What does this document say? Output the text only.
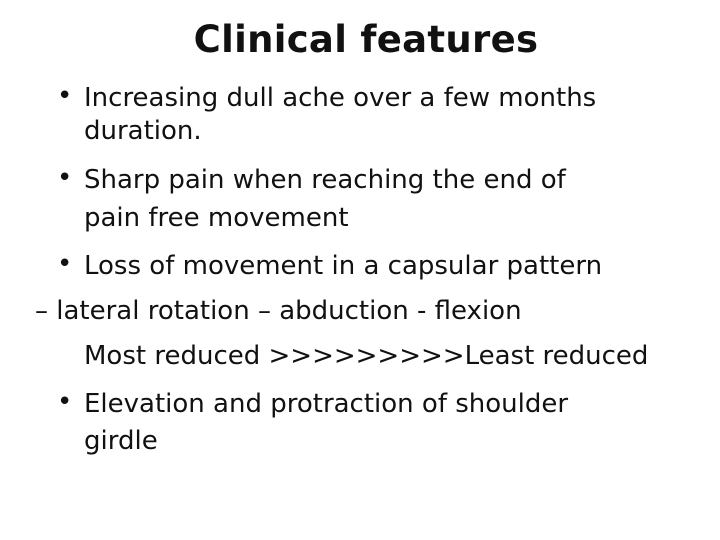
Clinical features
• Increasing dull ache over a few months
duration.
• Sharp pain when reaching the end of
pain free movement
• Loss of movement in a capsular pattern
– lateral rotation – abduction - flexion
Most reduced >>>>>>>>>Least reduced
• Elevation and protraction of shoulder
girdle
